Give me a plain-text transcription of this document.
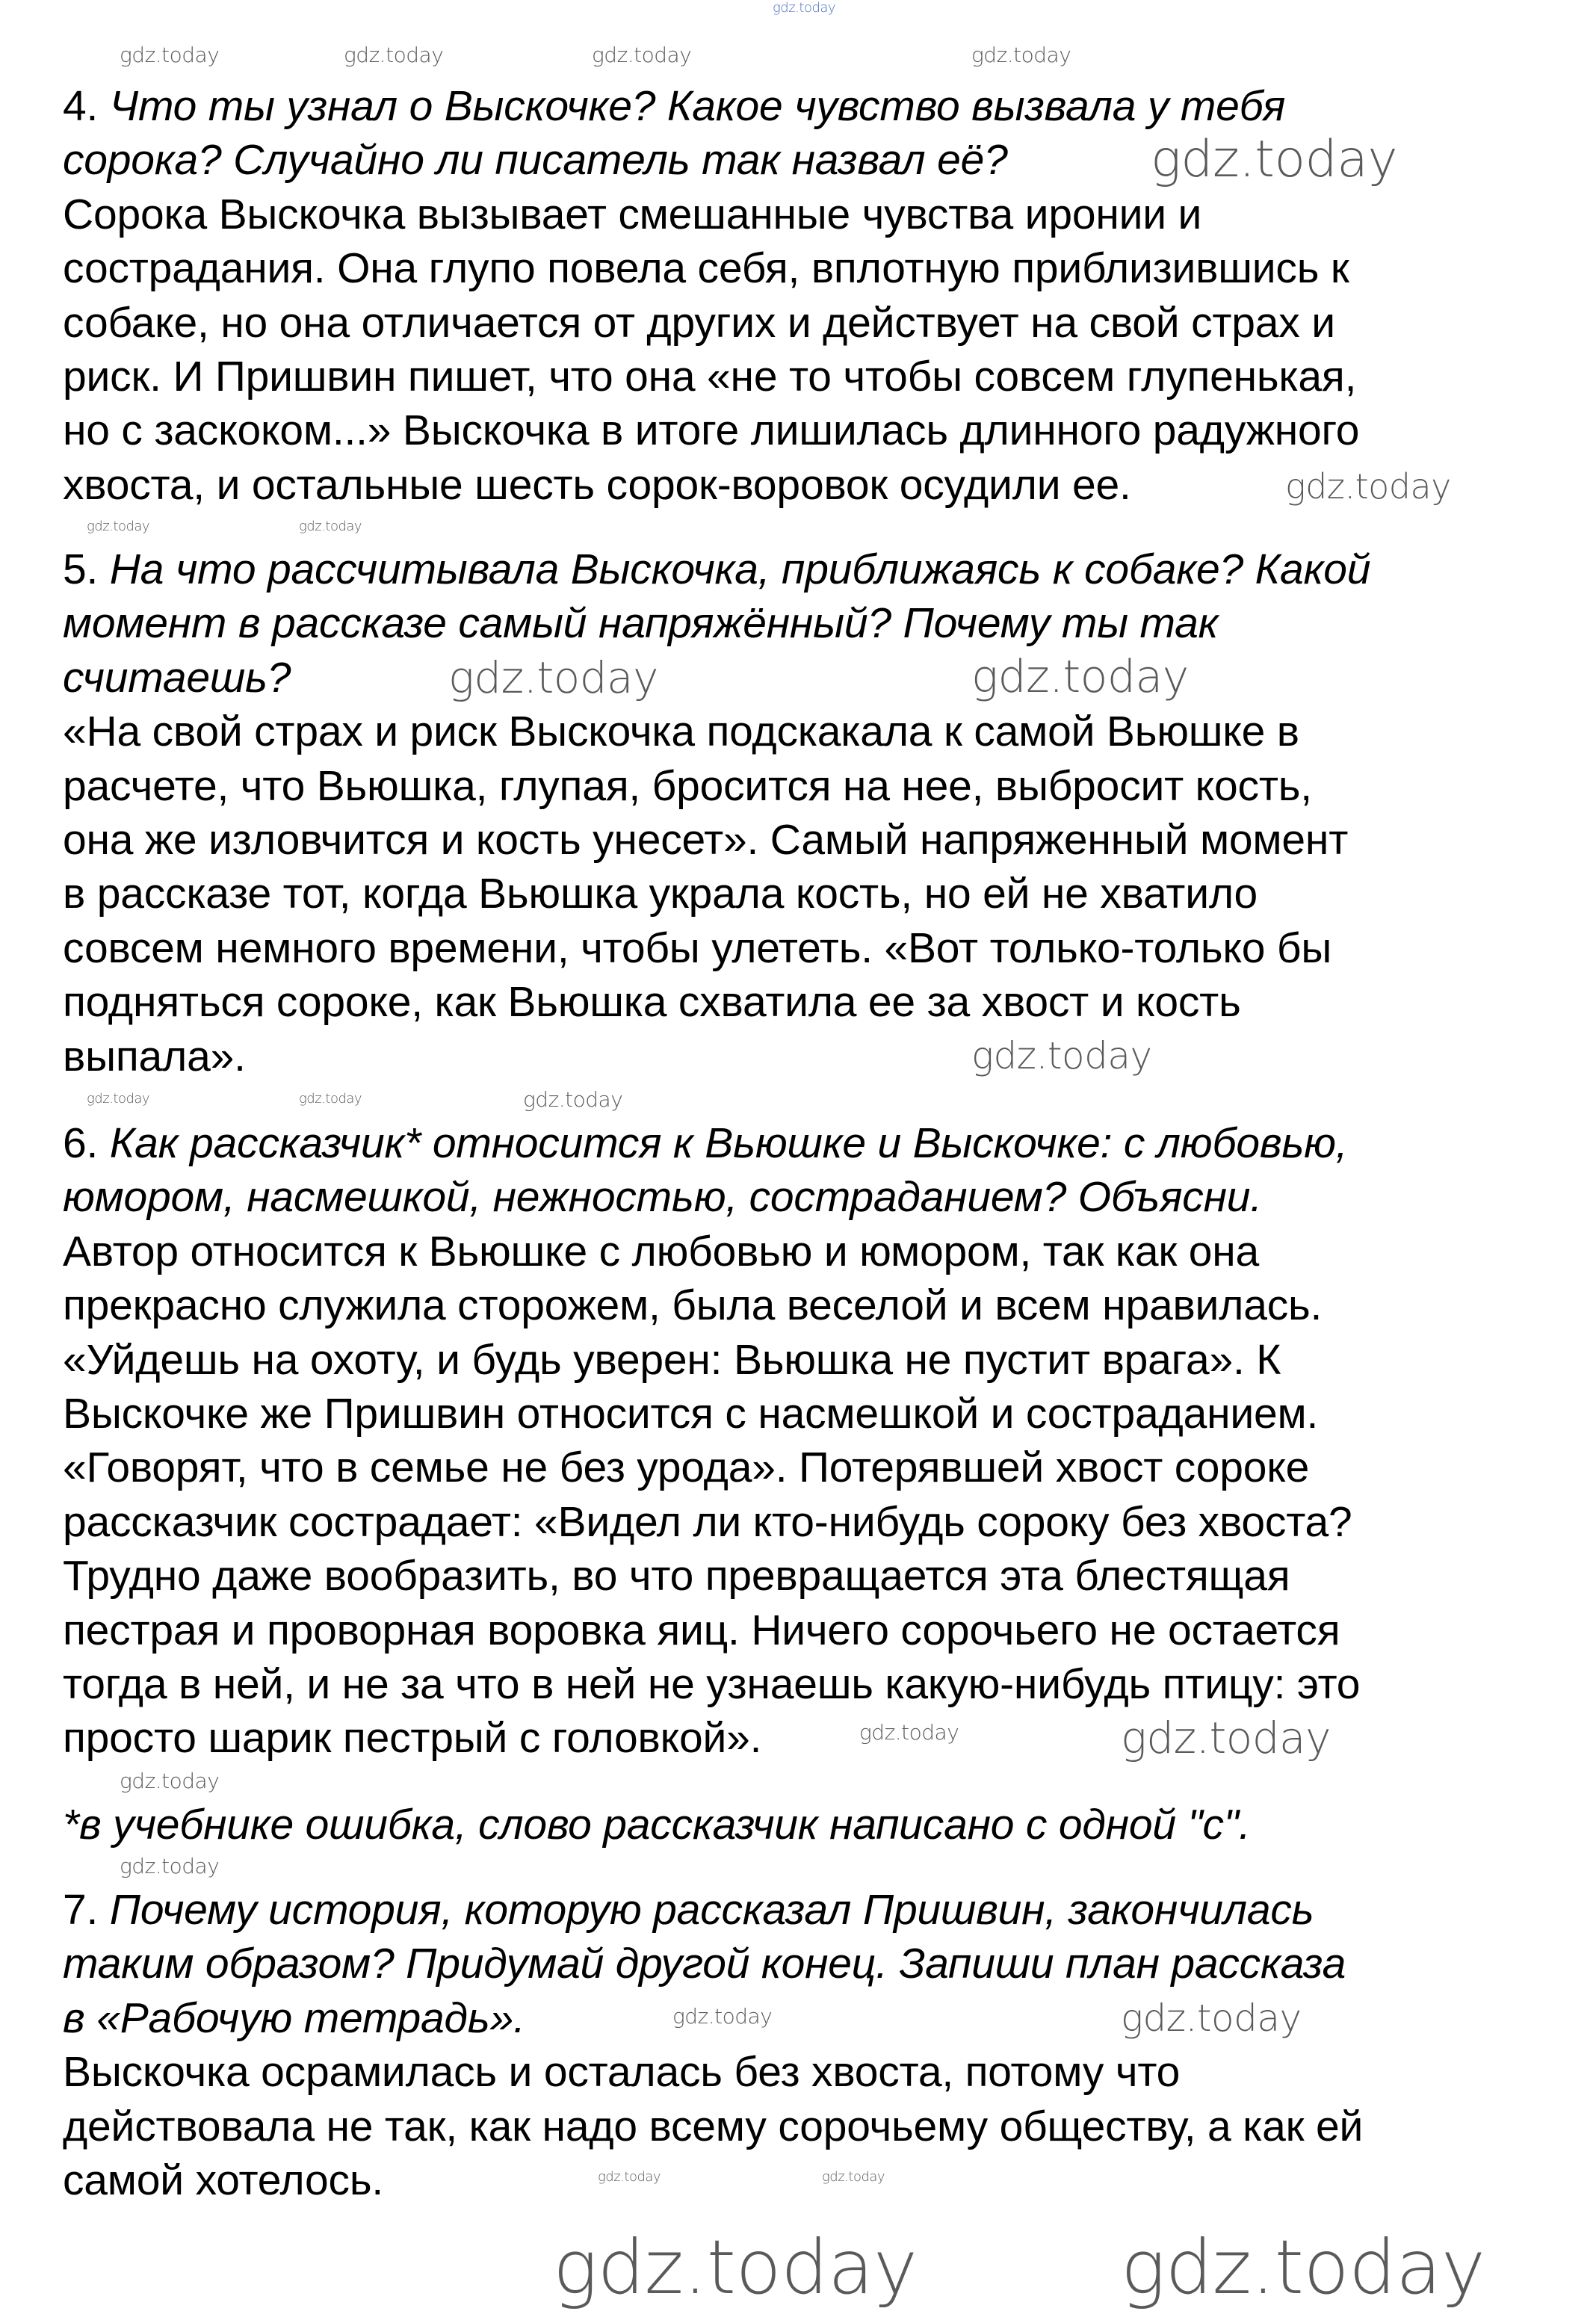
4. Что ты узнал о Выскочке? Какое чувство вызвала у тебя
сорока? Случайно ли писатель так назвал её?
Сорока Выскочка вызывает смешанные чувства иронии и
сострадания. Она глупо повела себя, вплотную приблизившись к
собаке, но она отличается от других и действует на свой страх и
риск. И Пришвин пишет, что она «не то чтобы совсем глупенькая,
но с заскоком...» Выскочка в итоге лишилась длинного радужного
хвоста, и остальные шесть сорок-воровок осудили ее.
5. На что рассчитывала Выскочка, приближаясь к собаке? Какой
момент в рассказе самый напряжённый? Почему ты так
считаешь?
«На свой страх и риск Выскочка подскакала к самой Вьюшке в
расчете, что Вьюшка, глупая, бросится на нее, выбросит кость,
она же изловчится и кость унесет». Самый напряженный момент
в рассказе тот, когда Вьюшка украла кость, но ей не хватило
совсем немного времени, чтобы улететь. «Вот только-только бы
подняться сороке, как Вьюшка схватила ее за хвост и кость
выпала».
6. Как рассказчик* относится к Вьюшке и Выскочке: с любовью,
юмором, насмешкой, нежностью, состраданием? Объясни.
Автор относится к Вьюшке с любовью и юмором, так как она
прекрасно служила сторожем, была веселой и всем нравилась.
«Уйдешь на охоту, и будь уверен: Вьюшка не пустит врага». К
Выскочке же Пришвин относится с насмешкой и состраданием.
«Говорят, что в семье не без урода». Потерявшей хвост сороке
рассказчик сострадает: «Видел ли кто-нибудь сороку без хвоста?
Трудно даже вообразить, во что превращается эта блестящая
пестрая и проворная воровка яиц. Ничего сорочьего не остается
тогда в ней, и не за что в ней не узнаешь какую-нибудь птицу: это
просто шарик пестрый с головкой».
*в учебнике ошибка, слово рассказчик написано с одной "с".
7. Почему история, которую рассказал Пришвин, закончилась
таким образом? Придумай другой конец. Запиши план рассказа
в «Рабочую тетрадь».
Выскочка осрамилась и осталась без хвоста, потому что
действовала не так, как надо всему сорочьему обществу, а как ей
самой хотелось.
gdz.today
gdz.today
gdz.today
gdz.today	gdz.today	gdz.today
gdz.today
gdz.today
gdz.today
gdz.today	gdz.today
gdz.today
gdz.today
gdz.today	gdz.today
gdz.today
gdz.today	gdz.today
gdz.today
gdz.today
gdz.today
gdz.today
gdz.today
gdz.today	gdz.today
